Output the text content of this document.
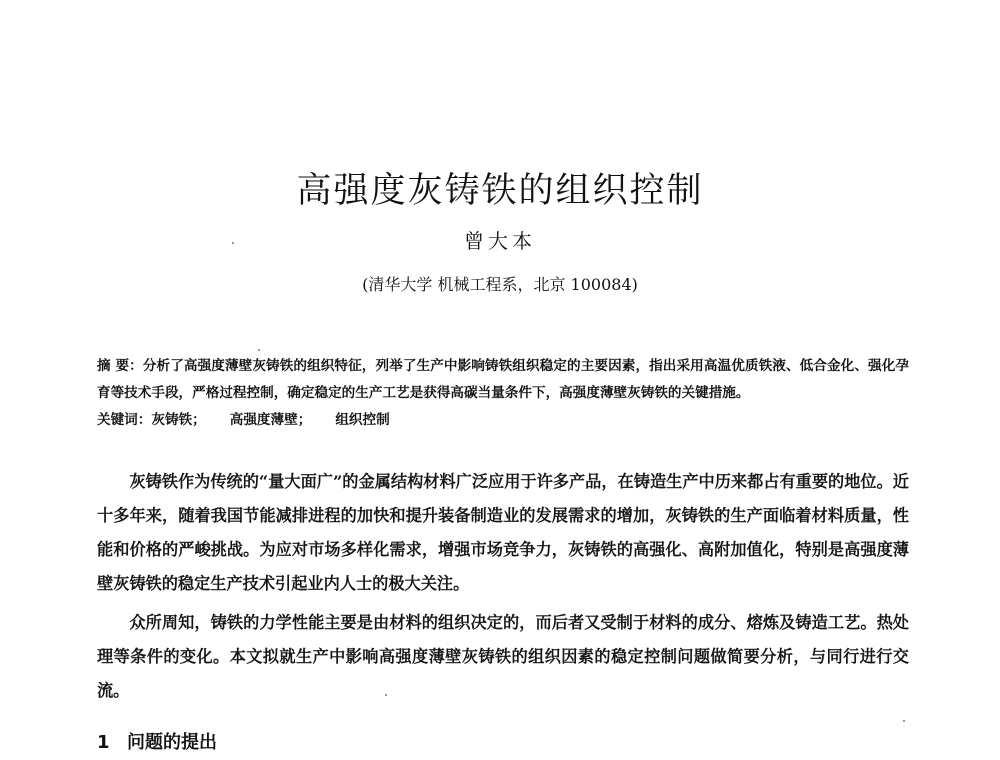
高强度灰铸铁的组织控制
曾大本
(清华大学 机械工程系，北京 100084)
摘 要：分析了高强度薄壁灰铸铁的组织特征，列举了生产中影响铸铁组织稳定的主要因素，指出采用高温优质铁液、低合金化、强化孕育等技术手段，严格过程控制，确定稳定的生产工艺是获得高碳当量条件下，高强度薄壁灰铸铁的关键措施。
关键词：灰铸铁； 高强度薄壁； 组织控制

灰铸铁作为传统的“量大面广”的金属结构材料广泛应用于许多产品，在铸造生产中历来都占有重要的地位。近十多年来，随着我国节能减排进程的加快和提升装备制造业的发展需求的增加，灰铸铁的生产面临着材料质量，性能和价格的严峻挑战。为应对市场多样化需求，增强市场竞争力，灰铸铁的高强化、高附加值化，特别是高强度薄壁灰铸铁的稳定生产技术引起业内人士的极大关注。

众所周知，铸铁的力学性能主要是由材料的组织决定的，而后者又受制于材料的成分、熔炼及铸造工艺。热处理等条件的变化。本文拟就生产中影响高强度薄壁灰铸铁的组织因素的稳定控制问题做简要分析，与同行进行交流。

1 问题的提出
